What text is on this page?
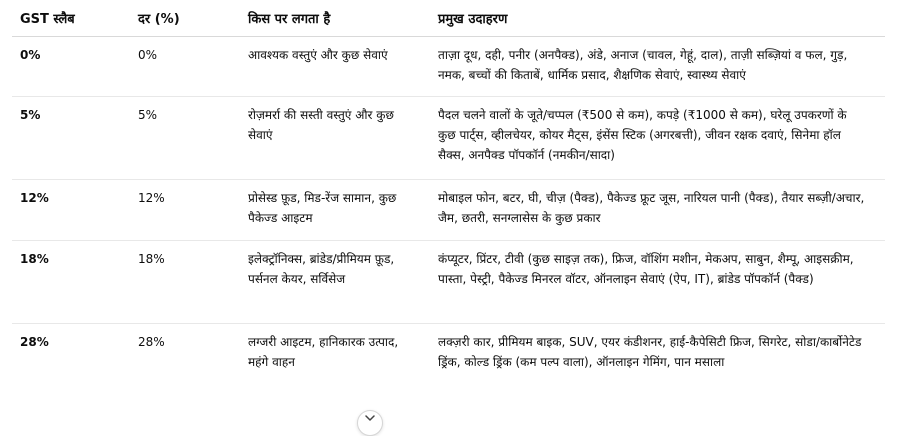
GST स्लैब	दर (%)	किस पर लगता है	प्रमुख उदाहरण
0%	0%	आवश्यक वस्तुएं और कुछ सेवाएं	ताज़ा दूध, दही, पनीर (अनपैक्ड), अंडे, अनाज (चावल, गेहूं, दाल), ताज़ी सब्ज़ियां व फल, गुड़, नमक, बच्चों की किताबें, धार्मिक प्रसाद, शैक्षणिक सेवाएं, स्वास्थ्य सेवाएं
5%	5%	रोज़मर्रा की सस्ती वस्तुएं और कुछ सेवाएं	पैदल चलने वालों के जूते/चप्पल (₹500 से कम), कपड़े (₹1000 से कम), घरेलू उपकरणों के कुछ पार्ट्स, व्हीलचेयर, कोयर मैट्स, इंसेंस स्टिक (अगरबत्ती), जीवन रक्षक दवाएं, सिनेमा हॉल सैक्स, अनपैक्ड पॉपकॉर्न (नमकीन/सादा)
12%	12%	प्रोसेस्ड फ़ूड, मिड-रेंज सामान, कुछ पैकेज्ड आइटम	मोबाइल फोन, बटर, घी, चीज़ (पैक्ड), पैकेज्ड फ्रूट जूस, नारियल पानी (पैक्ड), तैयार सब्ज़ी/अचार, जैम, छतरी, सनग्लासेस के कुछ प्रकार
18%	18%	इलेक्ट्रॉनिक्स, ब्रांडेड/प्रीमियम फ़ूड, पर्सनल केयर, सर्विसेज	कंप्यूटर, प्रिंटर, टीवी (कुछ साइज़ तक), फ्रिज, वॉशिंग मशीन, मेकअप, साबुन, शैम्पू, आइसक्रीम, पास्ता, पेस्ट्री, पैकेज्ड मिनरल वॉटर, ऑनलाइन सेवाएं (ऐप, IT), ब्रांडेड पॉपकॉर्न (पैक्ड)
28%	28%	लग्जरी आइटम, हानिकारक उत्पाद, महंगे वाहन	लक्ज़री कार, प्रीमियम बाइक, SUV, एयर कंडीशनर, हाई-कैपेसिटी फ्रिज, सिगरेट, सोडा/कार्बोनेटेड ड्रिंक, कोल्ड ड्रिंक (कम पल्प वाला), ऑनलाइन गेमिंग, पान मसाला
